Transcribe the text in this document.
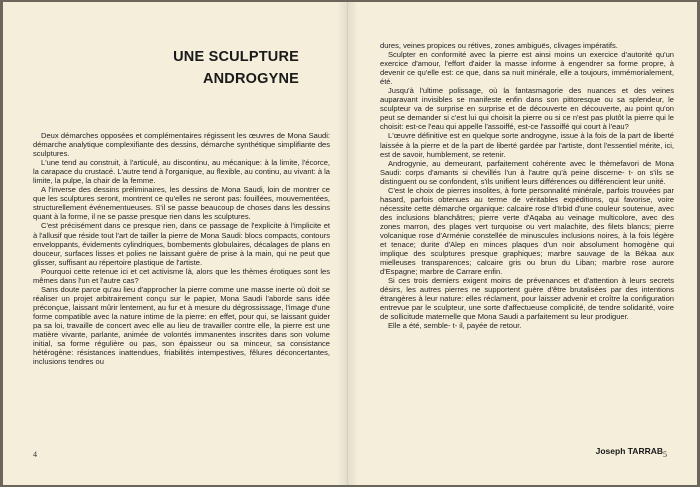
UNE SCULPTURE
ANDROGYNE

Deux démarches opposées et complémentaires régissent les œuvres de Mona Saudi: démarche analytique complexifiante des dessins, démarche synthétique simplifiante des sculptures.

L'une tend au construit, à l'articulé, au discontinu, au mécanique: à la limite, l'écorce, la carapace du crustacé. L'autre tend à l'organique, au flexible, au continu, au vivant: à la limite, la pulpe, la chair de la femme.

A l'inverse des dessins préliminaires, les dessins de Mona Saudi, loin de montrer ce que les sculptures seront, montrent ce qu'elles ne seront pas: fouillées, mouvementées, structurellement événementueuses. S'il se passe beaucoup de choses dans les dessins quant à la forme, il ne se passe presque rien dans les sculptures.

C'est précisément dans ce presque rien, dans ce passage de l'explicite à l'implicite et à l'allusif que réside tout l'art de tailler la pierre de Mona Saudi: blocs compacts, contours enveloppants, évidements cylindriques, bombements globulaires, décalages de plans en douceur, surfaces lisses et polies ne laissant guère de prise à la main, qui ne peut que glisser, suffisant au répertoire plastique de l'artiste.

Pourquoi cette retenue ici et cet activisme là, alors que les thèmes érotiques sont les mêmes dans l'un et l'autre cas?

Sans doute parce qu'au lieu d'approcher la pierre comme une masse inerte où doit se réaliser un projet arbitrairement conçu sur le papier, Mona Saudi l'aborde sans idée préconçue, laissant mûrir lentement, au fur et à mesure du dégrossissage, l'image d'une forme compatible avec la nature intime de la pierre: en effet, pour qui, se laissant guider pa sa loi, travaille de concert avec elle au lieu de travailler contre elle, la pierre est une matière vivante, parlante, animée de volontés immanentes inscrites dans son volume initial, sa forme régulière ou pas, son épaisseur ou sa minceur, sa consistance hétérogène: résistances inattendues, friabilités intempestives, fêlures déconcertantes, inclusions tendres ou

4

dures, veines propices ou rétives, zones ambiguës, clivages impératifs.

Sculpter en conformité avec la pierre est ainsi moins un exercice d'autorité qu'un exercice d'amour, l'effort d'aider la masse informe à engendrer sa forme propre, à devenir ce qu'elle est: ce que, dans sa nuit minérale, elle a toujours, immémorialement, été.

Jusqu'à l'ultime polissage, où la fantasmagorie des nuances et des veines auparavant invisibles se manifeste enfin dans son pittoresque ou sa splendeur, le sculpteur va de surprise en surprise et de découverte en découverte, au point qu'on peut se demander si c'est lui qui choisit la pierre ou si ce n'est pas plutôt la pierre qui le choisit: est-ce l'eau qui appelle l'assoiffé, est-ce l'assoiffé qui court à l'eau?

L'œuvre définitive est en quelque sorte androgyne, issue à la fois de la part de liberté laissée à la pierre et de la part de liberté gardée par l'artiste, dont l'essentiel mérite, ici, est de savoir, humblement, se retenir.

Androgynie, au demeurant, parfaitement cohérente avec le thèmefavori de Mona Saudi: corps d'amants si chevillés l'un à l'autre qu'à peine discerne- t- on s'ils se distinguent ou se confondent, s'ils unifient leurs différences ou différencient leur unité.

C'est le choix de pierres insolites, à forte personnalité minérale, parfois trouvées par hasard, parfois obtenues au terme de véritables expéditions, qui favorise, voire nécessite cette démarche organique: calcaire rose d'Irbid d'une couleur soutenue, avec des inclusions blanchâtres; pierre verte d'Aqaba au veinage multicolore, avec des zones marron, des plages vert turquoise ou vert malachite, des filets blancs; pierre volcanique rose d'Arménie constellée de minuscules inclusions noires, à la fois légère et tenace; durite d'Alep en minces plaques d'un noir absolument homogène qui implique des sculptures presque graphiques; marbre sauvage de la Békaa aux mielleuses transparences; calcaire gris ou brun du Liban; marbre rose aurore d'Espagne; marbre de Carrare enfin.

Si ces trois derniers exigent moins de prévenances et d'attention à leurs secrets désirs, les autres pierres ne supportent guère d'être brutalisées par des intentions étrangères à leur nature: elles réclament, pour laisser advenir et croître la configuration entrevue par le sculpteur, une sorte d'affectueuse complicité, de tendre solidarité, voire de sollicitude maternelle que Mona Saudi a parfaitement su leur prodiguer.

Elle a été, semble- t- il, payée de retour.

Joseph TARRAB 5
